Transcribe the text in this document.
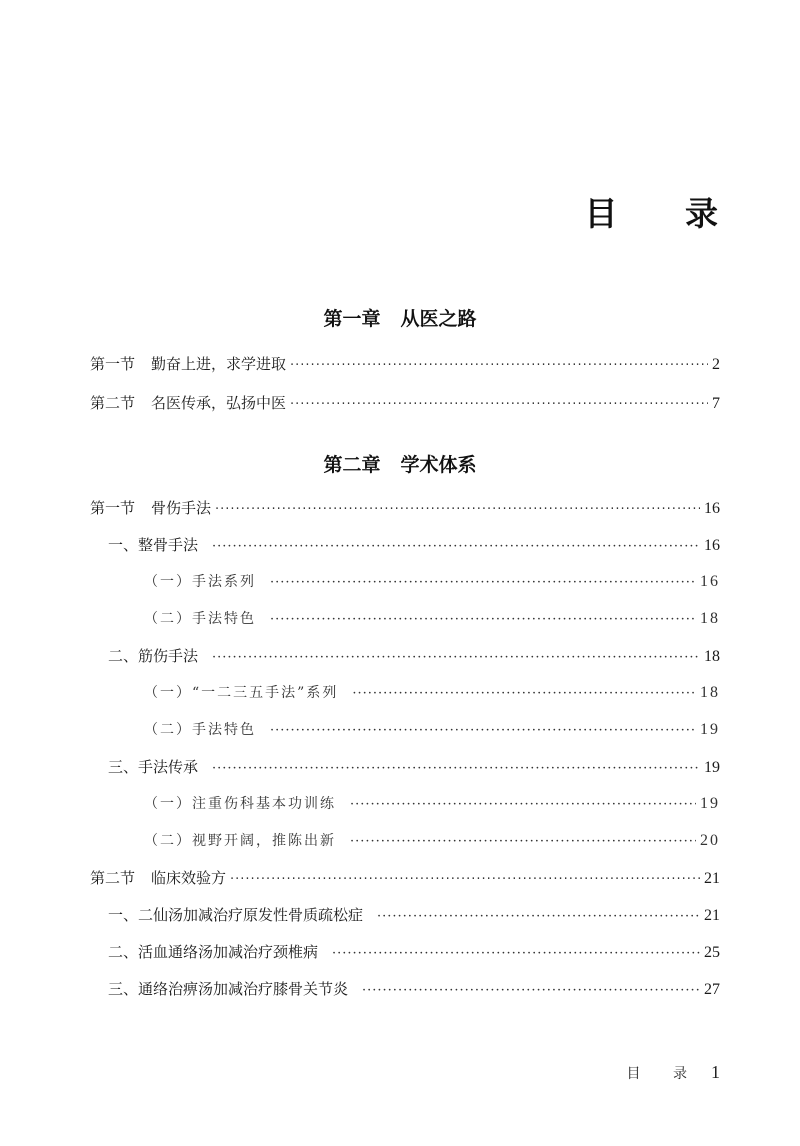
目 录
第一章 从医之路
第一节 勤奋上进，求学进取 ·····	2
第二节 名医传承，弘扬中医 ·····	7
第二章 学术体系
第一节 骨伤手法 ·····	16
一、整骨手法 ·····	16
（一）手法系列 ·····	16
（二）手法特色 ·····	18
二、筋伤手法 ·····	18
（一）“一二三五手法”系列 ·····	18
（二）手法特色 ·····	19
三、手法传承 ·····	19
（一）注重伤科基本功训练 ·····	19
（二）视野开阔，推陈出新 ·····	20
第二节 临床效验方 ·····	21
一、二仙汤加减治疗原发性骨质疏松症 ·····	21
二、活血通络汤加减治疗颈椎病 ·····	25
三、通络治痹汤加减治疗膝骨关节炎 ·····	27
目 录 1
